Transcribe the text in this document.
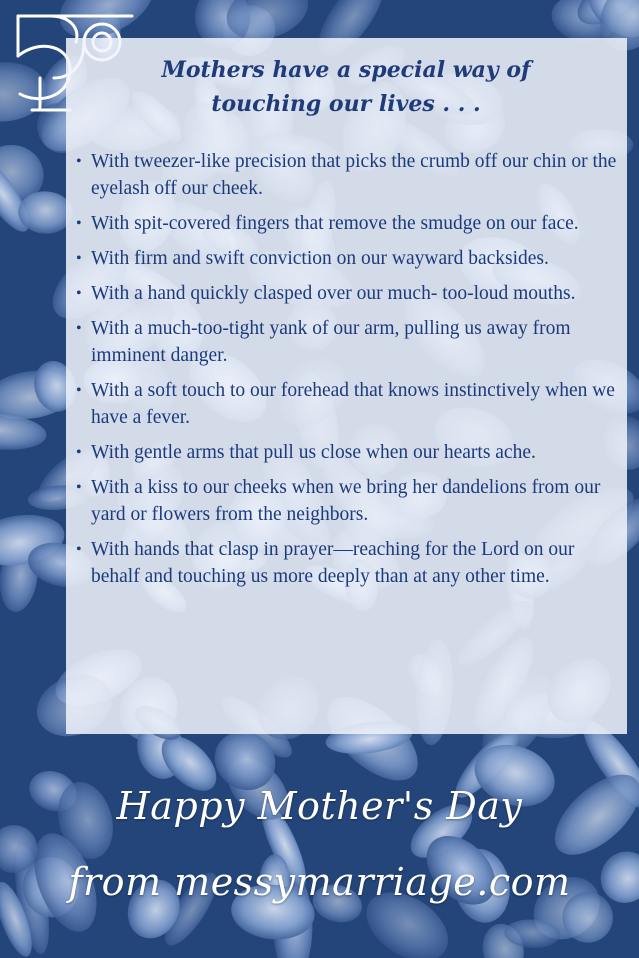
Mothers have a special way of

touching our lives . . .

• With tweezer-like precision that picks the crumb off our chin or the eyelash off our cheek.
• With spit-covered fingers that remove the smudge on our face.
• With firm and swift conviction on our wayward backsides.
• With a hand quickly clasped over our much- too-loud mouths.
• With a much-too-tight yank of our arm, pulling us away from imminent danger.
• With a soft touch to our forehead that knows instinctively when we have a fever.
• With gentle arms that pull us close when our hearts ache.
• With a kiss to our cheeks when we bring her dandelions from our yard or flowers from the neighbors.
• With hands that clasp in prayer—reaching for the Lord on our behalf and touching us more deeply than at any other time.
Happy Mother's Day
from messymarriage.com
